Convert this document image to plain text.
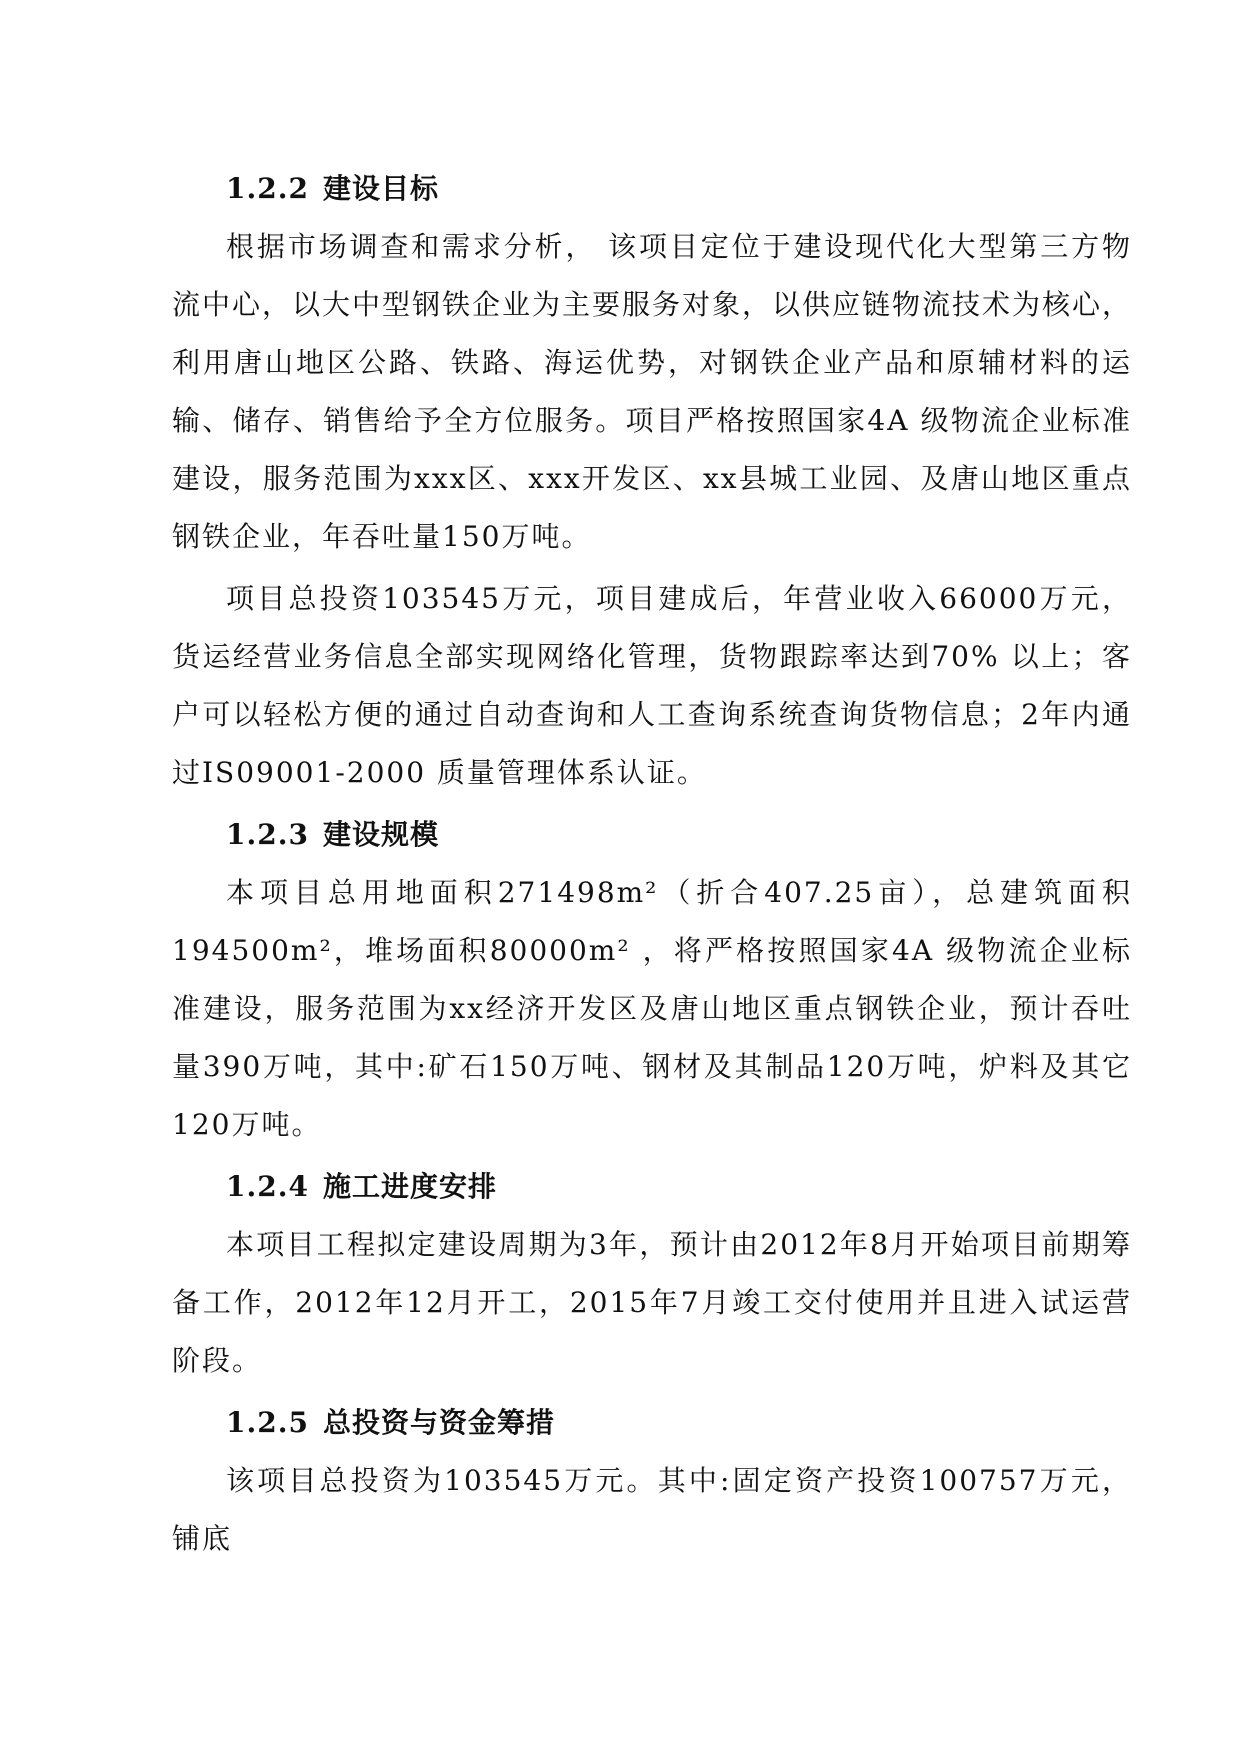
1.2.2 建设目标

根据市场调查和需求分析， 该项目定位于建设现代化大型第三方物流中心，以大中型钢铁企业为主要服务对象，以供应链物流技术为核心，利用唐山地区公路、铁路、海运优势，对钢铁企业产品和原辅材料的运输、储存、销售给予全方位服务。项目严格按照国家4A 级物流企业标准建设，服务范围为xxx区、xxx开发区、xx县城工业园、及唐山地区重点钢铁企业，年吞吐量150万吨。

项目总投资103545万元，项目建成后，年营业收入66000万元，货运经营业务信息全部实现网络化管理，货物跟踪率达到70% 以上；客户可以轻松方便的通过自动查询和人工查询系统查询货物信息；2年内通过IS09001-2000 质量管理体系认证。

1.2.3 建设规模

本项目总用地面积271498m²（折合407.25亩），总建筑面积194500m²，堆场面积80000m² ，将严格按照国家4A 级物流企业标准建设，服务范围为xx经济开发区及唐山地区重点钢铁企业，预计吞吐量390万吨，其中:矿石150万吨、钢材及其制品120万吨，炉料及其它120万吨。

1.2.4 施工进度安排

本项目工程拟定建设周期为3年，预计由2012年8月开始项目前期筹备工作，2012年12月开工，2015年7月竣工交付使用并且进入试运营阶段。

1.2.5 总投资与资金筹措

该项目总投资为103545万元。其中:固定资产投资100757万元，铺底
